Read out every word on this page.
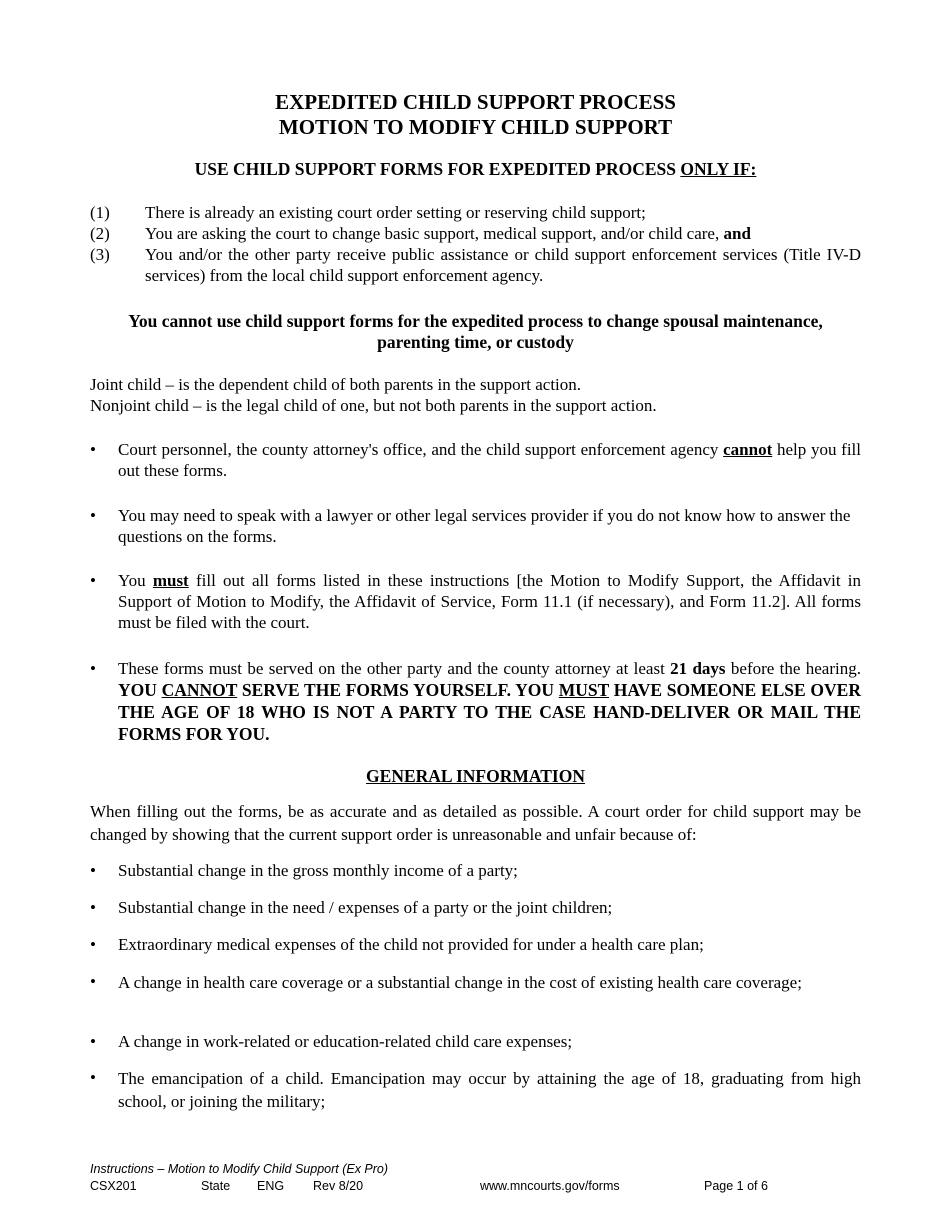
EXPEDITED CHILD SUPPORT PROCESS
MOTION TO MODIFY CHILD SUPPORT
USE CHILD SUPPORT FORMS FOR EXPEDITED PROCESS ONLY IF:
(1)	There is already an existing court order setting or reserving child support;
(2)	You are asking the court to change basic support, medical support, and/or child care, and
(3)	You and/or the other party receive public assistance or child support enforcement services (Title IV-D services) from the local child support enforcement agency.
You cannot use child support forms for the expedited process to change spousal maintenance, parenting time, or custody
Joint child – is the dependent child of both parents in the support action.
Nonjoint child – is the legal child of one, but not both parents in the support action.
•	Court personnel, the county attorney's office, and the child support enforcement agency cannot help you fill out these forms.
•	You may need to speak with a lawyer or other legal services provider if you do not know how to answer the questions on the forms.
•	You must fill out all forms listed in these instructions [the Motion to Modify Support, the Affidavit in Support of Motion to Modify, the Affidavit of Service, Form 11.1 (if necessary), and Form 11.2]. All forms must be filed with the court.
•	These forms must be served on the other party and the county attorney at least 21 days before the hearing. YOU CANNOT SERVE THE FORMS YOURSELF. YOU MUST HAVE SOMEONE ELSE OVER THE AGE OF 18 WHO IS NOT A PARTY TO THE CASE HAND-DELIVER OR MAIL THE FORMS FOR YOU.
GENERAL INFORMATION
When filling out the forms, be as accurate and as detailed as possible. A court order for child support may be changed by showing that the current support order is unreasonable and unfair because of:
•	Substantial change in the gross monthly income of a party;
•	Substantial change in the need / expenses of a party or the joint children;
•	Extraordinary medical expenses of the child not provided for under a health care plan;
•	A change in health care coverage or a substantial change in the cost of existing health care coverage;
•	A change in work-related or education-related child care expenses;
•	The emancipation of a child. Emancipation may occur by attaining the age of 18, graduating from high school, or joining the military;
Instructions – Motion to Modify Child Support (Ex Pro)
CSX201	State ENG Rev 8/20	www.mncourts.gov/forms	Page 1 of 6
